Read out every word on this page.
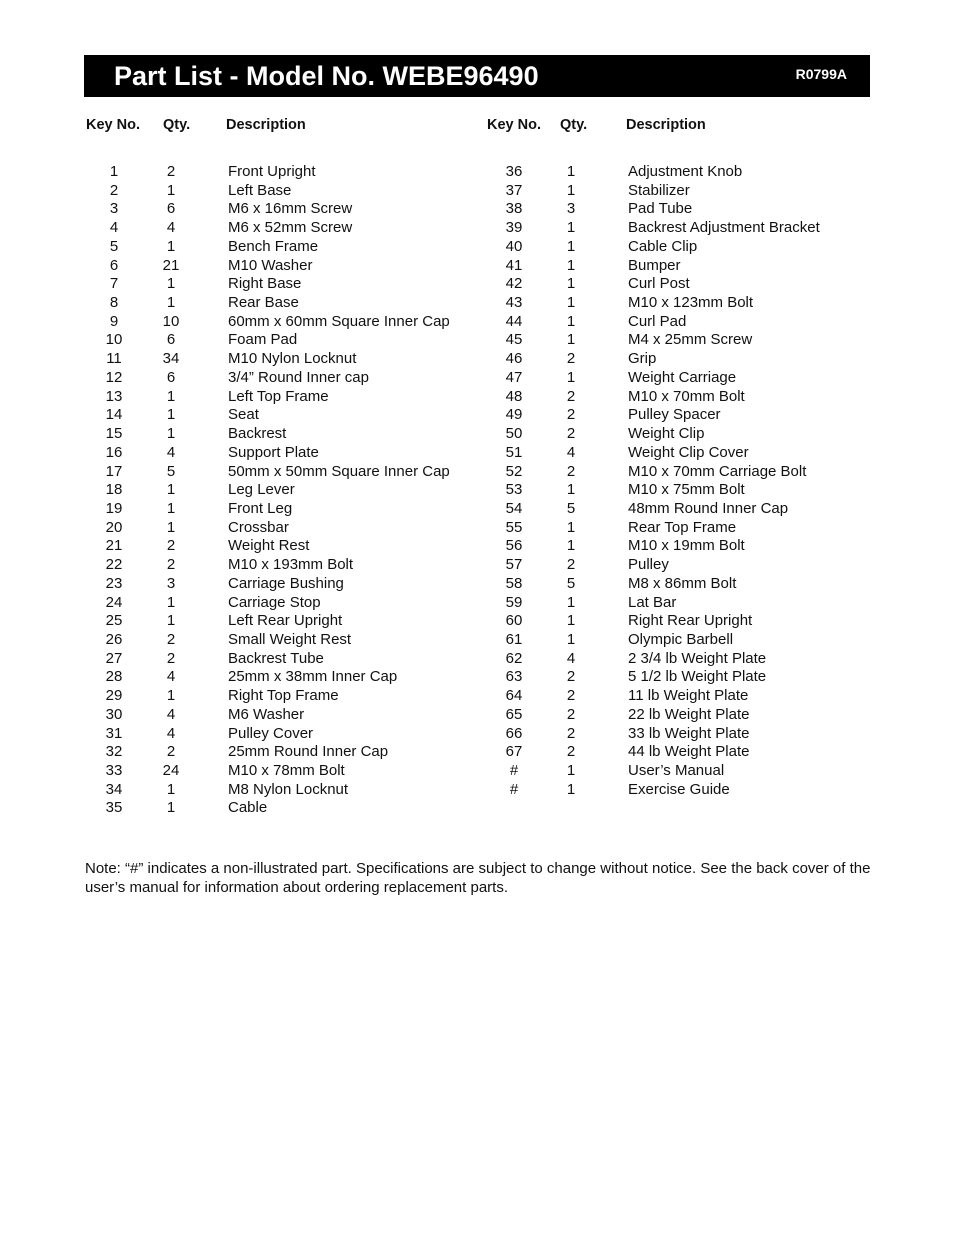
Part List - Model No. WEBE96490	R0799A
Key No. Qty. Description	Key No. Qty.	Description
1	2	Front Upright
2	1	Left Base
3	6	M6 x 16mm Screw
4	4	M6 x 52mm Screw
5	1	Bench Frame
6	21	M10 Washer
7	1	Right Base
8	1	Rear Base
9	10	60mm x 60mm Square Inner Cap
10	6	Foam Pad
11	34	M10 Nylon Locknut
12	6	3/4” Round Inner cap
13	1	Left Top Frame
14	1	Seat
15	1	Backrest
16	4	Support Plate
17	5	50mm x 50mm Square Inner Cap
18	1	Leg Lever
19	1	Front Leg
20	1	Crossbar
21	2	Weight Rest
22	2	M10 x 193mm Bolt
23	3	Carriage Bushing
24	1	Carriage Stop
25	1	Left Rear Upright
26	2	Small Weight Rest
27	2	Backrest Tube
28	4	25mm x 38mm Inner Cap
29	1	Right Top Frame
30	4	M6 Washer
31	4	Pulley Cover
32	2	25mm Round Inner Cap
33	24	M10 x 78mm Bolt
34	1	M8 Nylon Locknut
35	1	Cable
36	1	Adjustment Knob
37	1	Stabilizer
38	3	Pad Tube
39	1	Backrest Adjustment Bracket
40	1	Cable Clip
41	1	Bumper
42	1	Curl Post
43	1	M10 x 123mm Bolt
44	1	Curl Pad
45	1	M4 x 25mm Screw
46	2	Grip
47	1	Weight Carriage
48	2	M10 x 70mm Bolt
49	2	Pulley Spacer
50	2	Weight Clip
51	4	Weight Clip Cover
52	2	M10 x 70mm Carriage Bolt
53	1	M10 x 75mm Bolt
54	5	48mm Round Inner Cap
55	1	Rear Top Frame
56	1	M10 x 19mm Bolt
57	2	Pulley
58	5	M8 x 86mm Bolt
59	1	Lat Bar
60	1	Right Rear Upright
61	1	Olympic Barbell
62	4	2 3/4 lb Weight Plate
63	2	5 1/2 lb Weight Plate
64	2	11 lb Weight Plate
65	2	22 lb Weight Plate
66	2	33 lb Weight Plate
67	2	44 lb Weight Plate
#	1	User’s Manual
#	1	Exercise Guide
Note: “#” indicates a non-illustrated part. Specifications are subject to change without notice. See the back cover of the user’s manual for information about ordering replacement parts.
